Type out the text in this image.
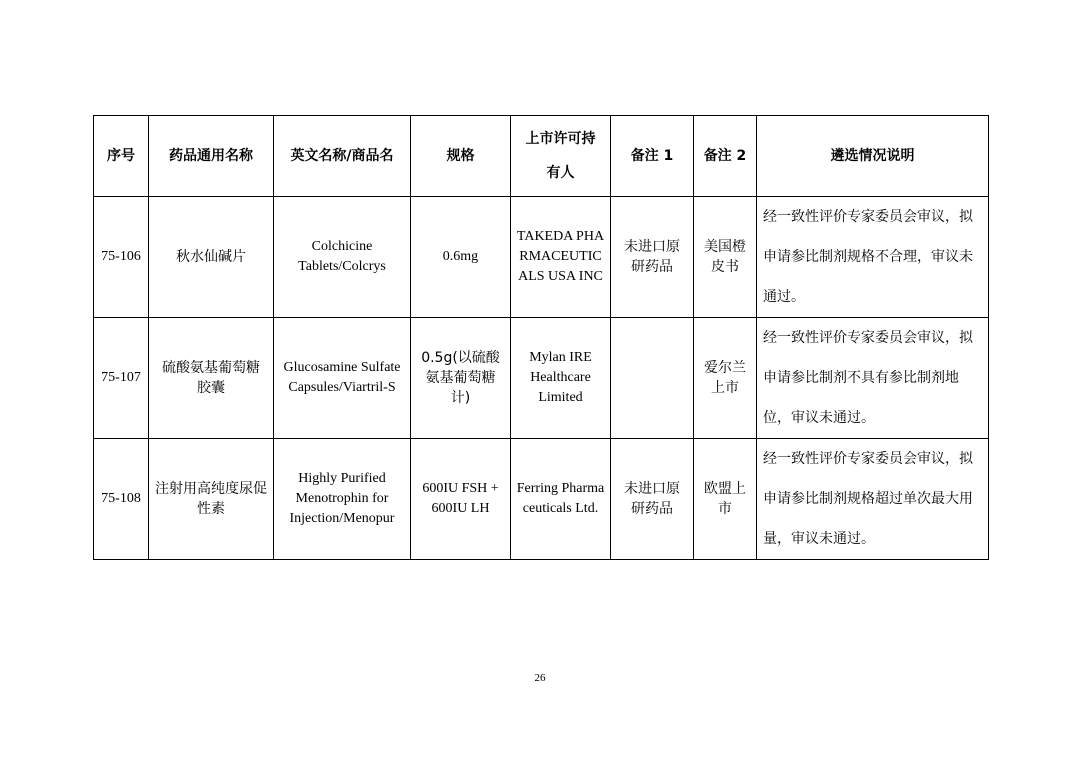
序号	药品通用名称	英文名称/商品名	规格	上市许可持有人	备注 1	备注 2	遴选情况说明
75-106	秋水仙碱片	Colchicine Tablets/Colcrys	0.6mg	TAKEDA PHARMACEUTICALS USA INC	未进口原研药品	美国橙皮书	经一致性评价专家委员会审议，拟申请参比制剂规格不合理，审议未通过。
75-107	硫酸氨基葡萄糖胶囊	Glucosamine Sulfate Capsules/Viartril-S	0.5g(以硫酸氨基葡萄糖计)	Mylan IRE Healthcare Limited		爱尔兰上市	经一致性评价专家委员会审议，拟申请参比制剂不具有参比制剂地位，审议未通过。
75-108	注射用高纯度尿促性素	Highly Purified Menotrophin for Injection/Menopur	600IU FSH + 600IU LH	Ferring Pharmaceuticals Ltd.	未进口原研药品	欧盟上市	经一致性评价专家委员会审议，拟申请参比制剂规格超过单次最大用量，审议未通过。
26
